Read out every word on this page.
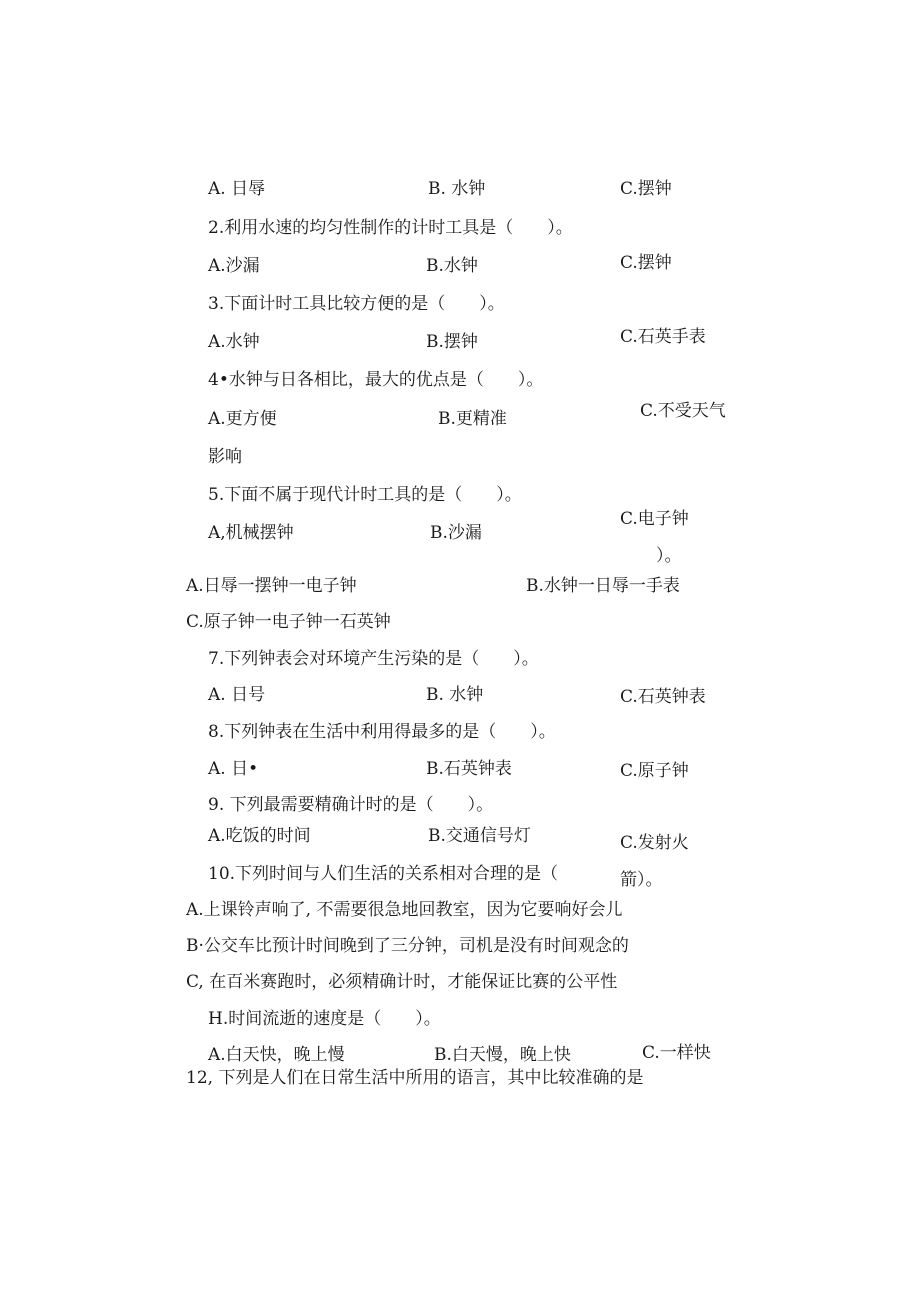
A. 日辱	B. 水钟	C.摆钟
2.利用水速的均匀性制作的计时工具是（　　）。
A.沙漏	B.水钟	C.摆钟
3.下面计时工具比较方便的是（　　）。
A.水钟	B.摆钟	C.石英手表
4•水钟与日各相比，最大的优点是（　　）。
A.更方便	B.更精准	C.不受天气
影响
5.下面不属于现代计时工具的是（　　）。
A,机械摆钟	B.沙漏
C.电子钟
）。
A.日辱一摆钟一电子钟	B.水钟一日辱一手表
C.原子钟一电子钟一石英钟
7.下列钟表会对环境产生污染的是（　　）。
A. 日号	B. 水钟	C.石英钟表
8.下列钟表在生活中利用得最多的是（　　）。
A. 日•	B.石英钟表	C.原子钟
9. 下列最需要精确计时的是（　　）。
A.吃饭的时间	B.交通信号灯	C.发射火
10.下列时间与人们生活的关系相对合理的是（	箭）。
A.上课铃声响了, 不需要很急地回教室，因为它要响好会儿
B·公交车比预计时间晚到了三分钟，司机是没有时间观念的
C, 在百米赛跑时，必须精确计时，才能保证比赛的公平性
H.时间流逝的速度是（　　）。
A.白天快，晚上慢	B.白天慢，晚上快	C.一样快
12, 下列是人们在日常生活中所用的语言，其中比较准确的是
